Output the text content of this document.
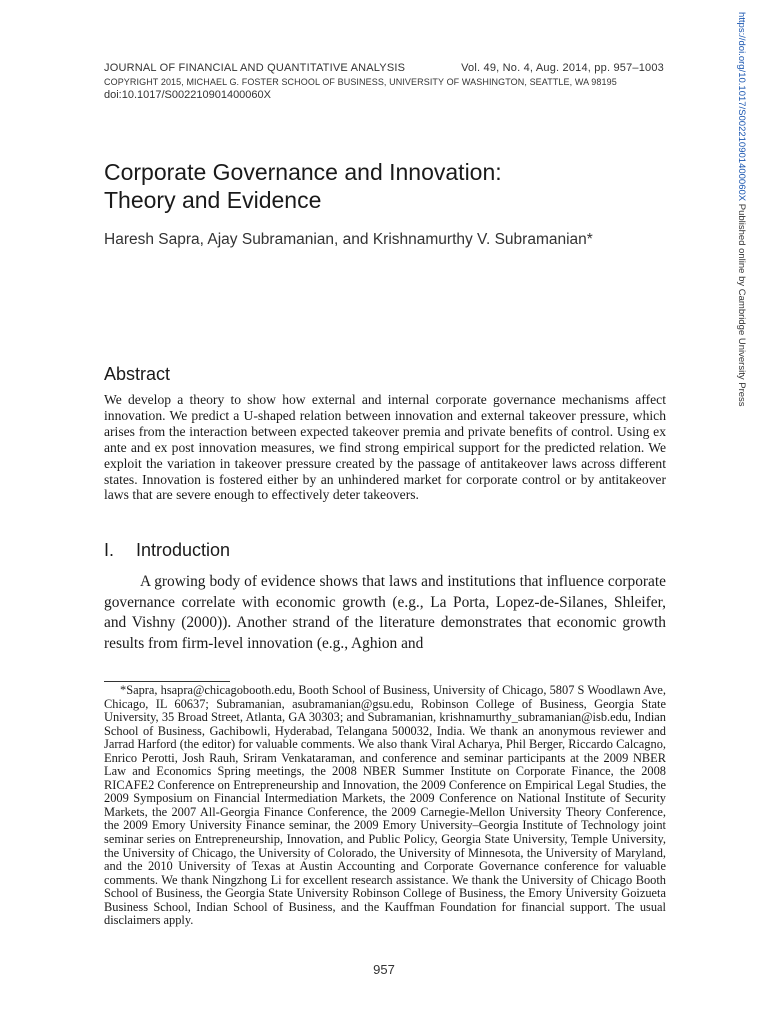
JOURNAL OF FINANCIAL AND QUANTITATIVE ANALYSIS	Vol. 49, No. 4, Aug. 2014, pp. 957–1003
COPYRIGHT 2015, MICHAEL G. FOSTER SCHOOL OF BUSINESS, UNIVERSITY OF WASHINGTON, SEATTLE, WA 98195
doi:10.1017/S002210901400060X
Corporate Governance and Innovation:
Theory and Evidence
Haresh Sapra, Ajay Subramanian, and Krishnamurthy V. Subramanian*
Abstract

We develop a theory to show how external and internal corporate governance mechanisms affect innovation. We predict a U-shaped relation between innovation and external takeover pressure, which arises from the interaction between expected takeover premia and private benefits of control. Using ex ante and ex post innovation measures, we find strong empirical support for the predicted relation. We exploit the variation in takeover pressure created by the passage of antitakeover laws across different states. Innovation is fostered either by an unhindered market for corporate control or by antitakeover laws that are severe enough to effectively deter takeovers.

I.	Introduction

A growing body of evidence shows that laws and institutions that influence corporate governance correlate with economic growth (e.g., La Porta, Lopez-de-Silanes, Shleifer, and Vishny (2000)). Another strand of the literature demonstrates that economic growth results from firm-level innovation (e.g., Aghion and

*Sapra, hsapra@chicagobooth.edu, Booth School of Business, University of Chicago, 5807 S Woodlawn Ave, Chicago, IL 60637; Subramanian, asubramanian@gsu.edu, Robinson College of Business, Georgia State University, 35 Broad Street, Atlanta, GA 30303; and Subramanian, krishnamurthy_subramanian@isb.edu, Indian School of Business, Gachibowli, Hyderabad, Telangana 500032, India. We thank an anonymous reviewer and Jarrad Harford (the editor) for valuable comments. We also thank Viral Acharya, Phil Berger, Riccardo Calcagno, Enrico Perotti, Josh Rauh, Sriram Venkataraman, and conference and seminar participants at the 2009 NBER Law and Economics Spring meetings, the 2008 NBER Summer Institute on Corporate Finance, the 2008 RICAFE2 Conference on Entrepreneurship and Innovation, the 2009 Conference on Empirical Legal Studies, the 2009 Symposium on Financial Intermediation Markets, the 2009 Conference on National Institute of Security Markets, the 2007 All-Georgia Finance Conference, the 2009 Carnegie-Mellon University Theory Conference, the 2009 Emory University Finance seminar, the 2009 Emory University–Georgia Institute of Technology joint seminar series on Entrepreneurship, Innovation, and Public Policy, Georgia State University, Temple University, the University of Chicago, the University of Colorado, the University of Minnesota, the University of Maryland, and the 2010 University of Texas at Austin Accounting and Corporate Governance conference for valuable comments. We thank Ningzhong Li for excellent research assistance. We thank the University of Chicago Booth School of Business, the Georgia State University Robinson College of Business, the Emory University Goizueta Business School, Indian School of Business, and the Kauffman Foundation for financial support. The usual disclaimers apply.

957
https://doi.org/10.1017/S002210901400060X Published online by Cambridge University Press
